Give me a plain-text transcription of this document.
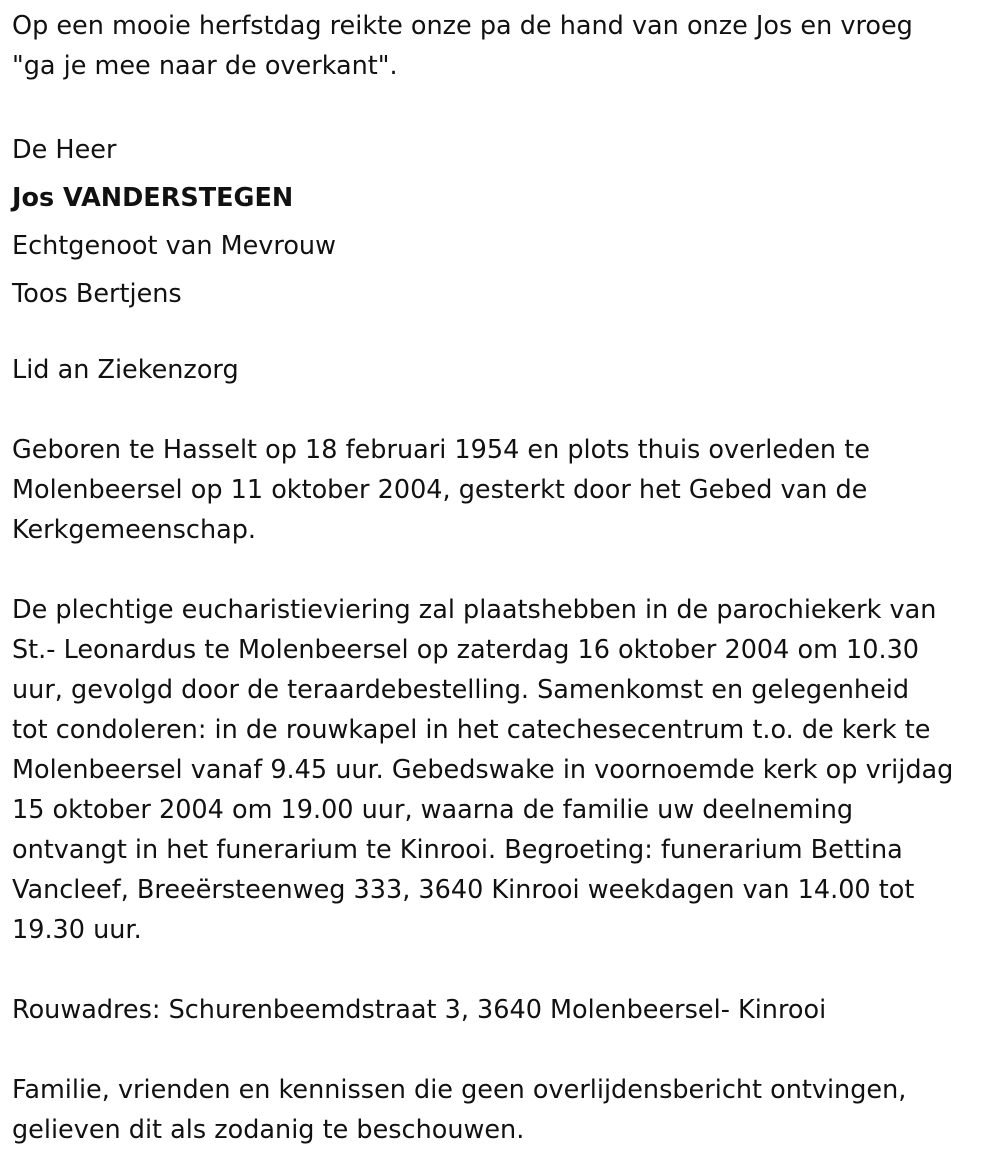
Op een mooie herfstdag reikte onze pa de hand van onze Jos en vroeg
"ga je mee naar de overkant".
De Heer
Jos VANDERSTEGEN
Echtgenoot van Mevrouw
Toos Bertjens
Lid an Ziekenzorg
Geboren te Hasselt op 18 februari 1954 en plots thuis overleden te
Molenbeersel op 11 oktober 2004, gesterkt door het Gebed van de
Kerkgemeenschap.
De plechtige eucharistieviering zal plaatshebben in de parochiekerk van
St.- Leonardus te Molenbeersel op zaterdag 16 oktober 2004 om 10.30
uur, gevolgd door de teraardebestelling. Samenkomst en gelegenheid
tot condoleren: in de rouwkapel in het catechesecentrum t.o. de kerk te
Molenbeersel vanaf 9.45 uur. Gebedswake in voornoemde kerk op vrijdag
15 oktober 2004 om 19.00 uur, waarna de familie uw deelneming
ontvangt in het funerarium te Kinrooi. Begroeting: funerarium Bettina
Vancleef, Breeërsteenweg 333, 3640 Kinrooi weekdagen van 14.00 tot
19.30 uur.
Rouwadres: Schurenbeemdstraat 3, 3640 Molenbeersel- Kinrooi
Familie, vrienden en kennissen die geen overlijdensbericht ontvingen,
gelieven dit als zodanig te beschouwen.
